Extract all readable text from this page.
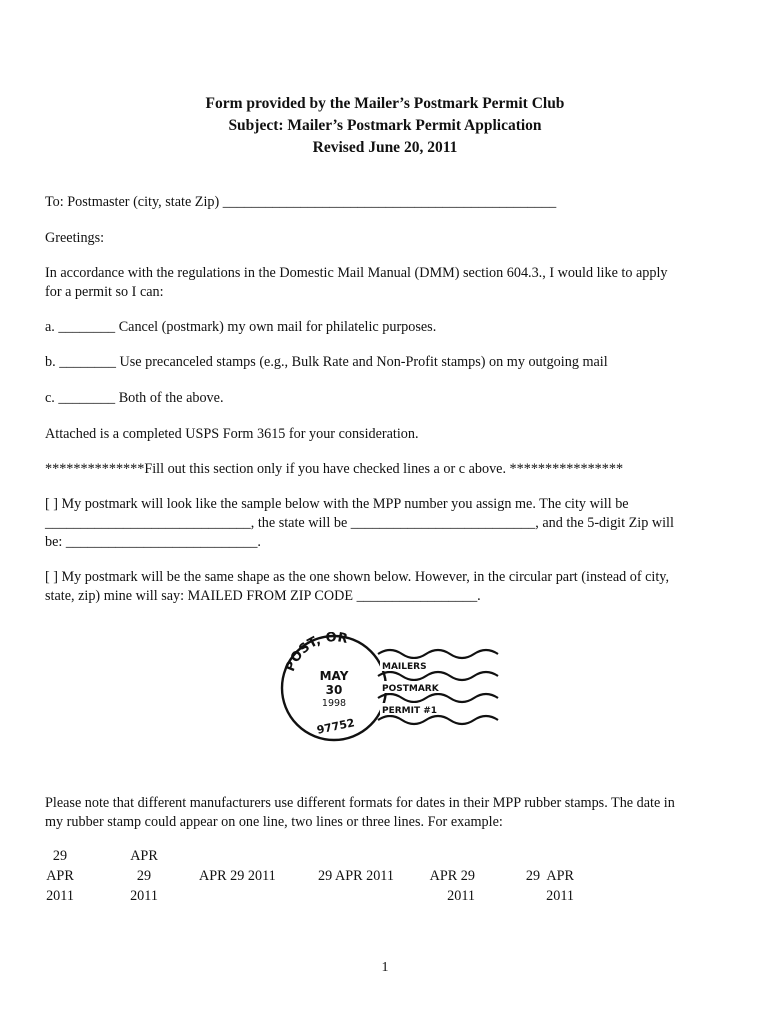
Form provided by the Mailer’s Postmark Permit Club
Subject: Mailer’s Postmark Permit Application
Revised June 20, 2011
To: Postmaster (city, state Zip) _______________________________________________
Greetings:
In accordance with the regulations in the Domestic Mail Manual (DMM) section 604.3., I would like to apply
for a permit so I can:
a. ________ Cancel (postmark) my own mail for philatelic purposes.
b. ________ Use precanceled stamps (e.g., Bulk Rate and Non-Profit stamps) on my outgoing mail
c. ________ Both of the above.
Attached is a completed USPS Form 3615 for your consideration.
**************Fill out this section only if you have checked lines a or c above. ****************
[ ] My postmark will look like the sample below with the MPP number you assign me. The city will be
_____________________________, the state will be __________________________, and the 5-digit Zip will
be: ___________________________.
[ ] My postmark will be the same shape as the one shown below. However, in the circular part (instead of city,
state, zip) mine will say: MAILED FROM ZIP CODE _________________.
POST, OR
MAY
30
1998
97752
MAILERS
POSTMARK
PERMIT #1
Please note that different manufacturers use different formats for dates in their MPP rubber stamps. The date in
my rubber stamp could appear on one line, two lines or three lines. For example:
29
APR
2011
APR
29
2011
APR 29 2011	29 APR 2011	APR 29
2011
29  APR
2011
1
